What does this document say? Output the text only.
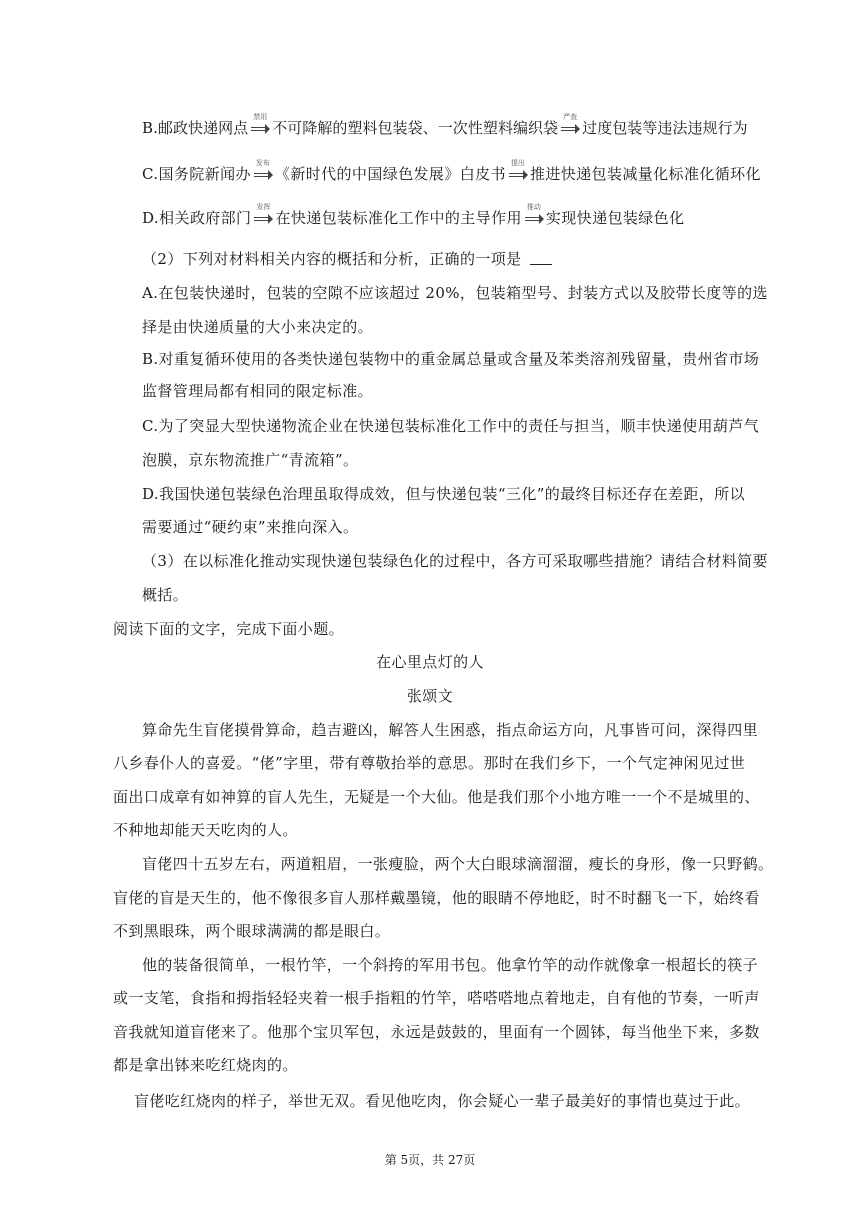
B.邮政快递网点
禁用
不可降解的塑料包装袋、一次性塑料编织袋
严查
过度包装等违法违规行为

C.国务院新闻办
发布
《新时代的中国绿色发展》白皮书
提出
推进快递包装减量化标准化循环化

D.相关政府部门
发挥
在快递包装标准化工作中的主导作用
推动
实现快递包装绿色化

（2）下列对材料相关内容的概括和分析，正确的一项是

A.在包装快递时，包装的空隙不应该超过 20%，包装箱型号、封装方式以及胶带长度等的选

择是由快递质量的大小来决定的。

B.对重复循环使用的各类快递包装物中的重金属总量或含量及苯类溶剂残留量，贵州省市场

监督管理局都有相同的限定标准。

C.为了突显大型快递物流企业在快递包装标准化工作中的责任与担当，顺丰快递使用葫芦气

泡膜，京东物流推广“青流箱”。

D.我国快递包装绿色治理虽取得成效，但与快递包装“三化”的最终目标还存在差距，所以

需要通过“硬约束”来推向深入。

（3）在以标准化推动实现快递包装绿色化的过程中，各方可采取哪些措施？请结合材料简要

概括。

阅读下面的文字，完成下面小题。

在心里点灯的人

张颂文

算命先生盲佬摸骨算命，趋吉避凶，解答人生困惑，指点命运方向，凡事皆可问，深得四里

八乡春仆人的喜爱。“佬”字里，带有尊敬抬举的意思。那时在我们乡下，一个气定神闲见过世

面出口成章有如神算的盲人先生，无疑是一个大仙。他是我们那个小地方唯一一个不是城里的、

不种地却能天天吃肉的人。

盲佬四十五岁左右，两道粗眉，一张瘦脸，两个大白眼球滴溜溜，瘦长的身形，像一只野鹤。

盲佬的盲是天生的，他不像很多盲人那样戴墨镜，他的眼睛不停地眨，时不时翻飞一下，始终看

不到黑眼珠，两个眼球满满的都是眼白。

他的装备很简单，一根竹竿，一个斜挎的军用书包。他拿竹竿的动作就像拿一根超长的筷子

或一支笔，食指和拇指轻轻夹着一根手指粗的竹竿，嗒嗒嗒地点着地走，自有他的节奏，一听声

音我就知道盲佬来了。他那个宝贝军包，永远是鼓鼓的，里面有一个圆钵，每当他坐下来，多数

都是拿出钵来吃红烧肉的。

盲佬吃红烧肉的样子，举世无双。看见他吃肉，你会疑心一辈子最美好的事情也莫过于此。

第 5页，共 27页
